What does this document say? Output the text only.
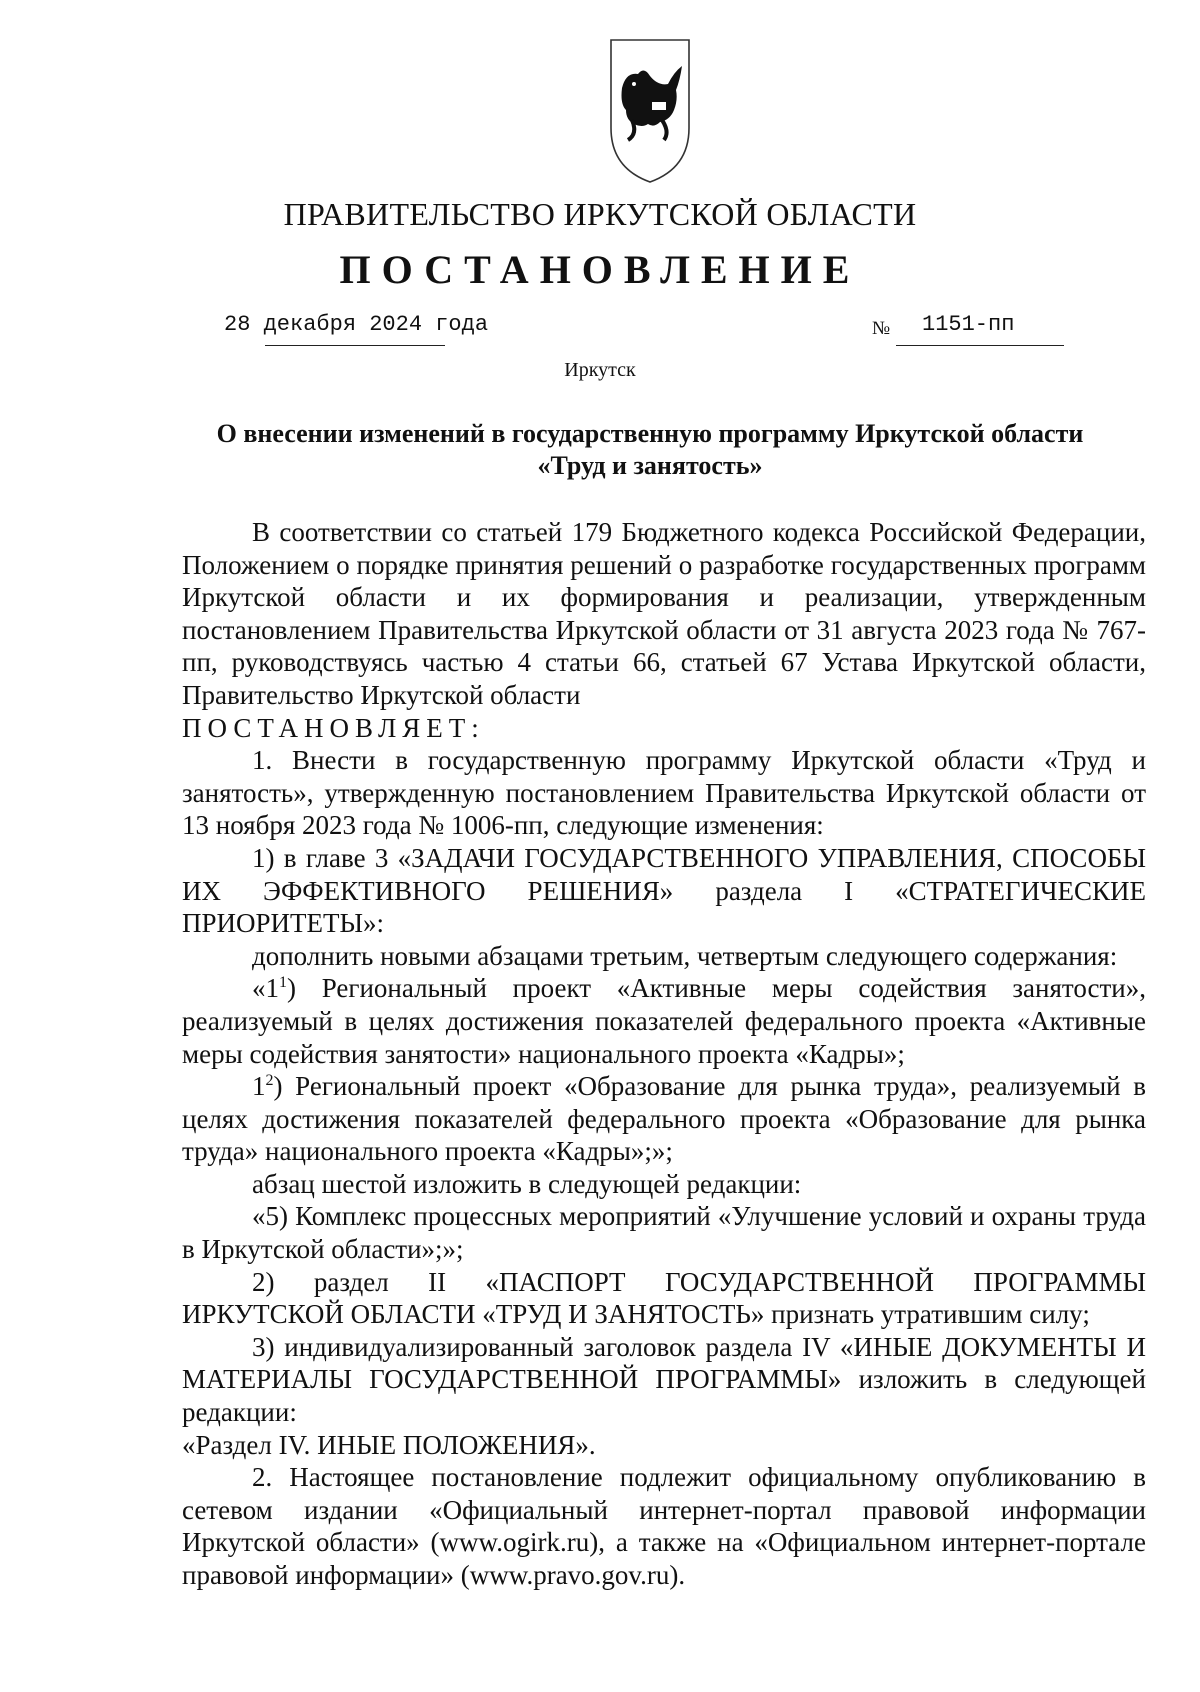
ПРАВИТЕЛЬСТВО ИРКУТСКОЙ ОБЛАСТИ
ПОСТАНОВЛЕНИЕ
28 декабря 2024 года	№ 1151-пп
Иркутск
О внесении изменений в государственную программу Иркутской области
«Труд и занятость»

В соответствии со статьей 179 Бюджетного кодекса Российской Федерации, Положением о порядке принятия решений о разработке государственных программ Иркутской области и их формирования и реализации, утвержденным постановлением Правительства Иркутской области от 31 августа 2023 года № 767-пп, руководствуясь частью 4 статьи 66, статьей 67 Устава Иркутской области, Правительство Иркутской области

ПОСТАНОВЛЯЕТ:

1. Внести в государственную программу Иркутской области «Труд и занятость», утвержденную постановлением Правительства Иркутской области от 13 ноября 2023 года № 1006-пп, следующие изменения:

1) в главе 3 «ЗАДАЧИ ГОСУДАРСТВЕННОГО УПРАВЛЕНИЯ, СПОСОБЫ ИХ ЭФФЕКТИВНОГО РЕШЕНИЯ» раздела I «СТРАТЕГИЧЕСКИЕ ПРИОРИТЕТЫ»:

дополнить новыми абзацами третьим, четвертым следующего содержания:

«$1^1$) Региональный проект «Активные меры содействия занятости», реализуемый в целях достижения показателей федерального проекта «Активные меры содействия занятости» национального проекта «Кадры»;

$1^2$) Региональный проект «Образование для рынка труда», реализуемый в целях достижения показателей федерального проекта «Образование для рынка труда» национального проекта «Кадры»;»;

абзац шестой изложить в следующей редакции:

«5) Комплекс процессных мероприятий «Улучшение условий и охраны труда в Иркутской области»;»;

2) раздел II «ПАСПОРТ ГОСУДАРСТВЕННОЙ ПРОГРАММЫ ИРКУТСКОЙ ОБЛАСТИ «ТРУД И ЗАНЯТОСТЬ» признать утратившим силу;

3) индивидуализированный заголовок раздела IV «ИНЫЕ ДОКУМЕНТЫ И МАТЕРИАЛЫ ГОСУДАРСТВЕННОЙ ПРОГРАММЫ» изложить в следующей редакции:

«Раздел IV. ИНЫЕ ПОЛОЖЕНИЯ».

2. Настоящее постановление подлежит официальному опубликованию в сетевом издании «Официальный интернет-портал правовой информации Иркутской области» (www.ogirk.ru), а также на «Официальном интернет-портале правовой информации» (www.pravo.gov.ru).
